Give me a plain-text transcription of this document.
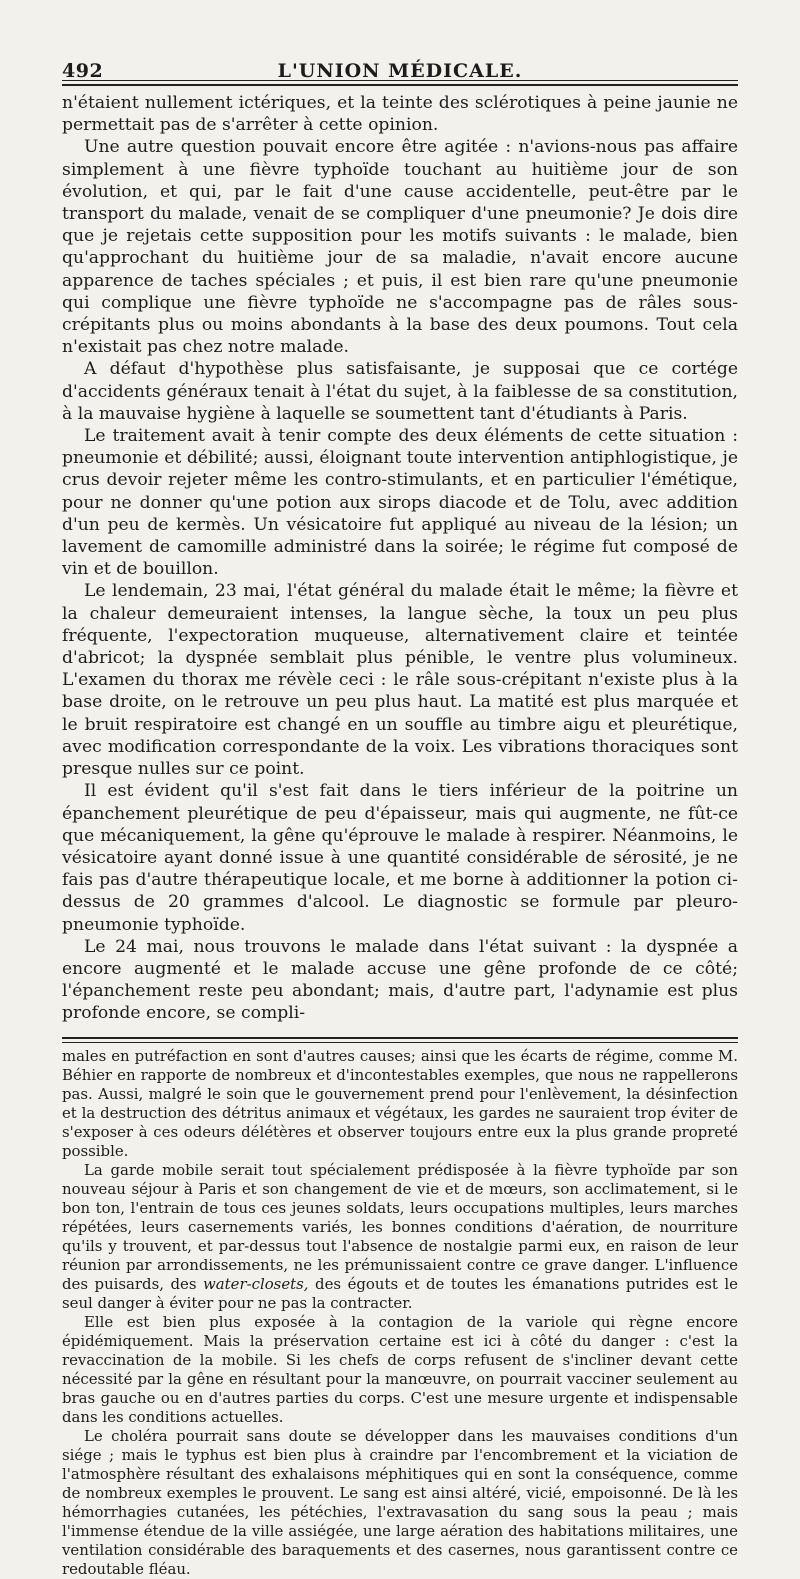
492	L'UNION MÉDICALE.

n'étaient nullement ictériques, et la teinte des sclérotiques à peine jaunie ne permettait pas de s'arrêter à cette opinion.

Une autre question pouvait encore être agitée : n'avions-nous pas affaire simplement à une fièvre typhoïde touchant au huitième jour de son évolution, et qui, par le fait d'une cause accidentelle, peut-être par le transport du malade, venait de se compliquer d'une pneumonie? Je dois dire que je rejetais cette supposition pour les motifs suivants : le malade, bien qu'approchant du huitième jour de sa maladie, n'avait encore aucune apparence de taches spéciales ; et puis, il est bien rare qu'une pneumonie qui complique une fièvre typhoïde ne s'accompagne pas de râles sous-crépitants plus ou moins abondants à la base des deux poumons. Tout cela n'existait pas chez notre malade.

A défaut d'hypothèse plus satisfaisante, je supposai que ce cortége d'accidents généraux tenait à l'état du sujet, à la faiblesse de sa constitution, à la mauvaise hygiène à laquelle se soumettent tant d'étudiants à Paris.

Le traitement avait à tenir compte des deux éléments de cette situation : pneumonie et débilité; aussi, éloignant toute intervention antiphlogistique, je crus devoir rejeter même les contro-stimulants, et en particulier l'émétique, pour ne donner qu'une potion aux sirops diacode et de Tolu, avec addition d'un peu de kermès. Un vésicatoire fut appliqué au niveau de la lésion; un lavement de camomille administré dans la soirée; le régime fut composé de vin et de bouillon.

Le lendemain, 23 mai, l'état général du malade était le même; la fièvre et la chaleur demeuraient intenses, la langue sèche, la toux un peu plus fréquente, l'expectoration muqueuse, alternativement claire et teintée d'abricot; la dyspnée semblait plus pénible, le ventre plus volumineux. L'examen du thorax me révèle ceci : le râle sous-crépitant n'existe plus à la base droite, on le retrouve un peu plus haut. La matité est plus marquée et le bruit respiratoire est changé en un souffle au timbre aigu et pleurétique, avec modification correspondante de la voix. Les vibrations thoraciques sont presque nulles sur ce point.

Il est évident qu'il s'est fait dans le tiers inférieur de la poitrine un épanchement pleurétique de peu d'épaisseur, mais qui augmente, ne fût-ce que mécaniquement, la gêne qu'éprouve le malade à respirer. Néanmoins, le vésicatoire ayant donné issue à une quantité considérable de sérosité, je ne fais pas d'autre thérapeutique locale, et me borne à additionner la potion ci-dessus de 20 grammes d'alcool. Le diagnostic se formule par pleuro-pneumonie typhoïde.

Le 24 mai, nous trouvons le malade dans l'état suivant : la dyspnée a encore augmenté et le malade accuse une gêne profonde de ce côté; l'épanchement reste peu abondant; mais, d'autre part, l'adynamie est plus profonde encore, se compli-

males en putréfaction en sont d'autres causes; ainsi que les écarts de régime, comme M. Béhier en rapporte de nombreux et d'incontestables exemples, que nous ne rappellerons pas. Aussi, malgré le soin que le gouvernement prend pour l'enlèvement, la désinfection et la destruction des détritus animaux et végétaux, les gardes ne sauraient trop éviter de s'exposer à ces odeurs délétères et observer toujours entre eux la plus grande propreté possible.

La garde mobile serait tout spécialement prédisposée à la fièvre typhoïde par son nouveau séjour à Paris et son changement de vie et de mœurs, son acclimatement, si le bon ton, l'entrain de tous ces jeunes soldats, leurs occupations multiples, leurs marches répétées, leurs casernements variés, les bonnes conditions d'aération, de nourriture qu'ils y trouvent, et par-dessus tout l'absence de nostalgie parmi eux, en raison de leur réunion par arrondissements, ne les prémunissaient contre ce grave danger. L'influence des puisards, des water-closets, des égouts et de toutes les émanations putrides est le seul danger à éviter pour ne pas la contracter.

Elle est bien plus exposée à la contagion de la variole qui règne encore épidémiquement. Mais la préservation certaine est ici à côté du danger : c'est la revaccination de la mobile. Si les chefs de corps refusent de s'incliner devant cette nécessité par la gêne en résultant pour la manœuvre, on pourrait vacciner seulement au bras gauche ou en d'autres parties du corps. C'est une mesure urgente et indispensable dans les conditions actuelles.

Le choléra pourrait sans doute se développer dans les mauvaises conditions d'un siége ; mais le typhus est bien plus à craindre par l'encombrement et la viciation de l'atmosphère résultant des exhalaisons méphitiques qui en sont la conséquence, comme de nombreux exemples le prouvent. Le sang est ainsi altéré, vicié, empoisonné. De là les hémorrhagies cutanées, les pétéchies, l'extravasation du sang sous la peau ; mais l'immense étendue de la ville assiégée, une large aération des habitations militaires, une ventilation considérable des baraquements et des casernes, nous garantissent contre ce redoutable fléau.
